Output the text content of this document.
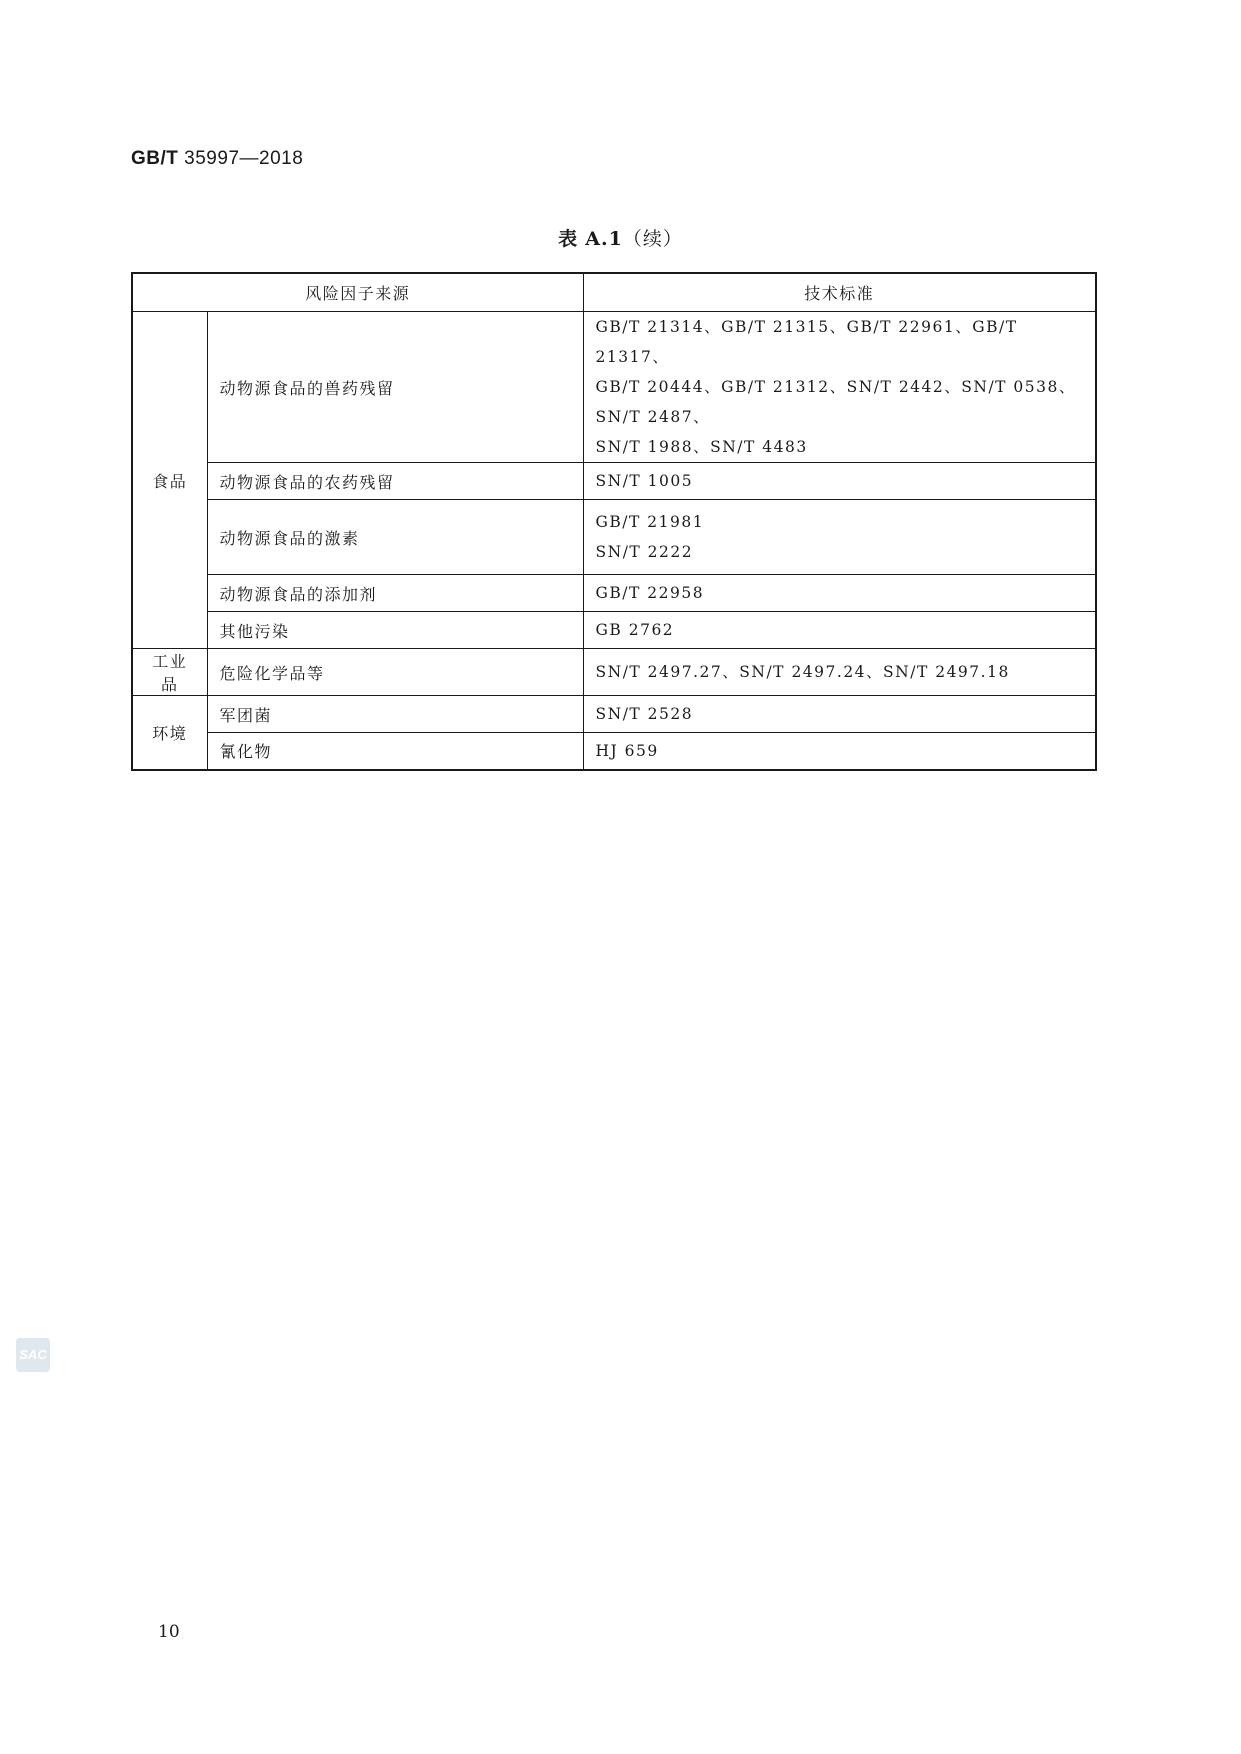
GB/T 35997—2018
表 A.1（续）
风险因子来源		技术标准
食品	动物源食品的兽药残留	GB/T 21314、GB/T 21315、GB/T 22961、GB/T 21317、
GB/T 20444、GB/T 21312、SN/T 2442、SN/T 0538、SN/T 2487、
SN/T 1988、SN/T 4483

	动物源食品的农药残留	SN/T 1005

	动物源食品的激素	GB/T 21981
SN/T 2222

	动物源食品的添加剂	GB/T 22958

	其他污染	GB 2762

工业品	危险化学品等	SN/T 2497.27、SN/T 2497.24、SN/T 2497.18

环境	军团菌	SN/T 2528

	氰化物	HJ 659
SAC
10
